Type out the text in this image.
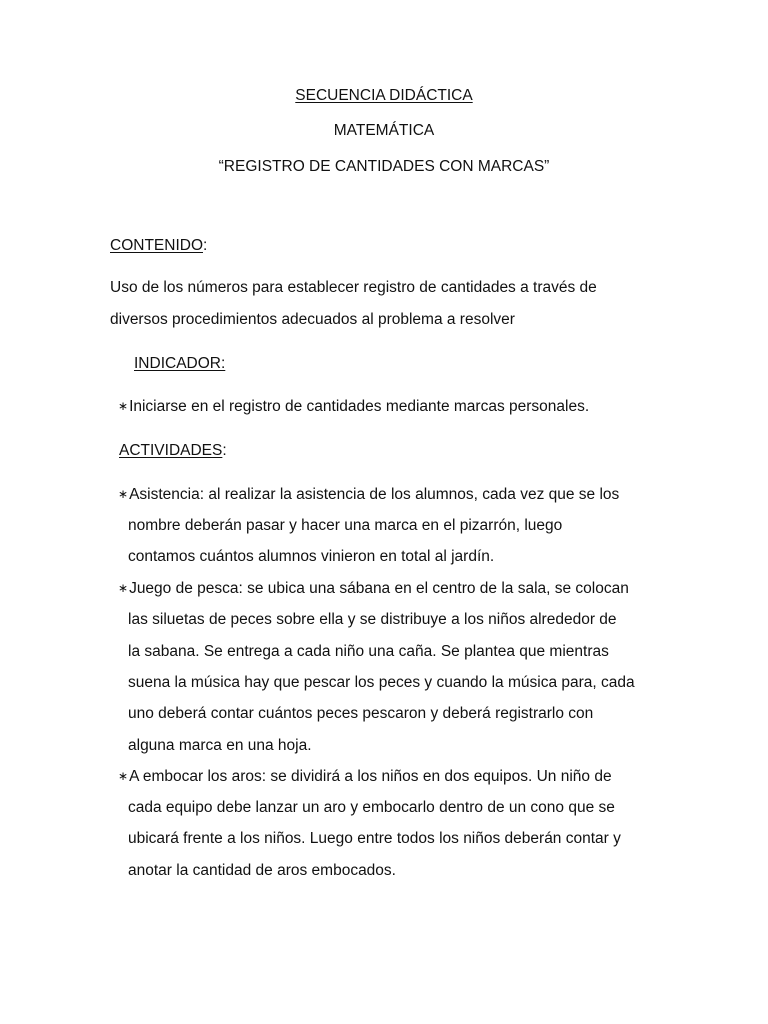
SECUENCIA DIDÁCTICA
MATEMÁTICA
“REGISTRO DE CANTIDADES CON MARCAS”
CONTENIDO:
Uso de los números para establecer registro de cantidades a través de
diversos procedimientos adecuados al problema a resolver
INDICADOR:
∗Iniciarse en el registro de cantidades mediante marcas personales.
ACTIVIDADES:
∗Asistencia: al realizar la asistencia de los alumnos, cada vez que se los
nombre deberán pasar y hacer una marca en el pizarrón, luego
contamos cuántos alumnos vinieron en total al jardín.
∗Juego de pesca: se ubica una sábana en el centro de la sala, se colocan
las siluetas de peces sobre ella y se distribuye a los niños alrededor de
la sabana. Se entrega a cada niño una caña. Se plantea que mientras
suena la música hay que pescar los peces y cuando la música para, cada
uno deberá contar cuántos peces pescaron y deberá registrarlo con
alguna marca en una hoja.
∗A embocar los aros: se dividirá a los niños en dos equipos. Un niño de
cada equipo debe lanzar un aro y embocarlo dentro de un cono que se
ubicará frente a los niños. Luego entre todos los niños deberán contar y
anotar la cantidad de aros embocados.
